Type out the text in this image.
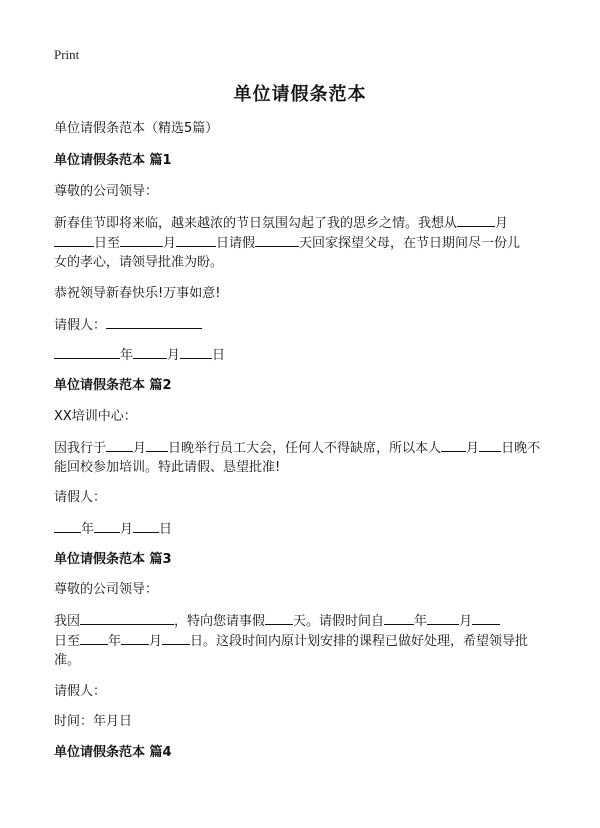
Print
单位请假条范本
单位请假条范本（精选5篇）
单位请假条范本 篇1
尊敬的公司领导：
新春佳节即将来临，越来越浓的节日氛围勾起了我的思乡之情。我想从	月
日至	月	日请假	天回家探望父母，在节日期间尽一份儿
女的孝心，请领导批准为盼。
恭祝领导新春快乐!万事如意!
请假人：
年	月 日
单位请假条范本 篇2
XX培训中心：
因我行于 月 日晚举行员工大会，任何人不得缺席，所以本人 月 日晚不
能回校参加培训。特此请假、恳望批准!
请假人：
年 月 日
单位请假条范本 篇3
尊敬的公司领导：
我因	，特向您请事假 天。请假时间自 年 月
日至 年 月 日。这段时间内原计划安排的课程已做好处理，希望领导批
准。
请假人：
时间：年月日
单位请假条范本 篇4
